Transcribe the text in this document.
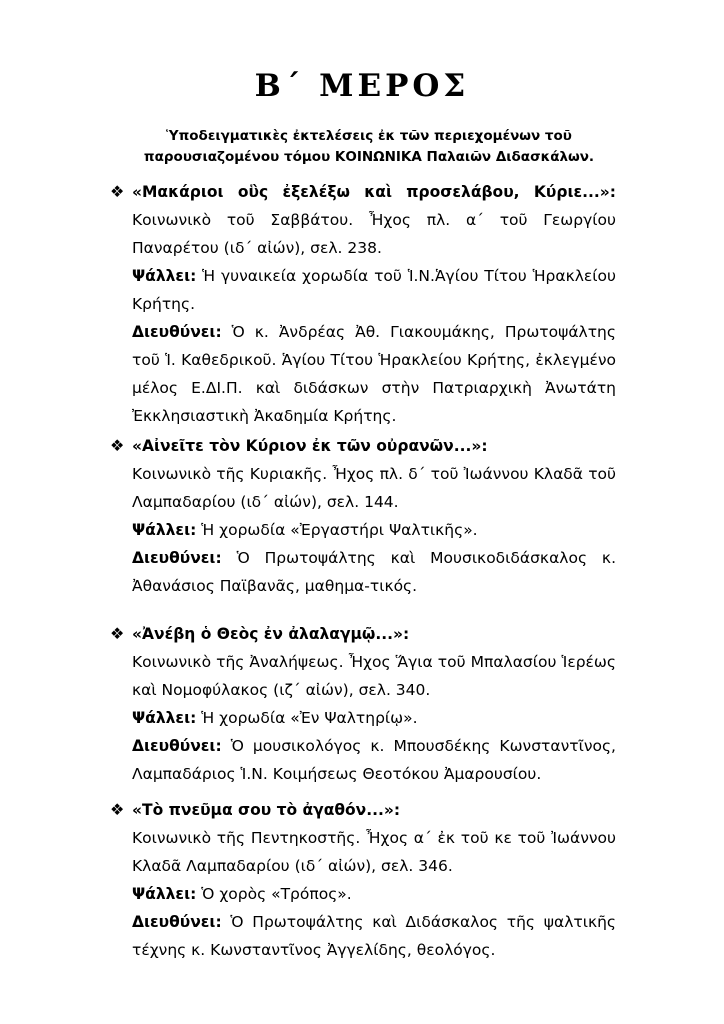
Β΄ ΜΕΡΟΣ
Ὑποδειγματικὲς ἐκτελέσεις ἐκ τῶν περιεχομένων τοῦ παρουσιαζομένου τόμου ΚΟΙΝΩΝΙΚΑ Παλαιῶν Διδασκάλων.
❖ «Μακάριοι οὓς ἐξελέξω καὶ προσελάβου, Κύριε...»: Κοινωνικὸ τοῦ Σαββάτου. Ἦχος πλ. α΄ τοῦ Γεωργίου Παναρέτου (ιδ΄ αἰών), σελ. 238.

Ψάλλει: Ἡ γυναικεία χορωδία τοῦ Ἱ.Ν.Ἁγίου Τίτου Ἡρακλείου Κρήτης.

Διευθύνει: Ὁ κ. Ἀνδρέας Ἀθ. Γιακουμάκης, Πρωτοψάλτης τοῦ Ἱ. Καθεδρικοῦ. Ἁγίου Τίτου Ἡρακλείου Κρήτης, ἐκλεγμένο μέλος Ε.ΔΙ.Π. καὶ διδάσκων στὴν Πατριαρχικὴ Ἀνωτάτη Ἐκκλησιαστικὴ Ἀκαδημία Κρήτης.

❖ «Αἰνεῖτε τὸν Κύριον ἐκ τῶν οὐρανῶν...»:

Κοινωνικὸ τῆς Κυριακῆς. Ἦχος πλ. δ΄ τοῦ Ἰωάννου Κλαδᾶ τοῦ Λαμπαδαρίου (ιδ΄ αἰών), σελ. 144.

Ψάλλει: Ἡ χορωδία «Ἐργαστήρι Ψαλτικῆς».

Διευθύνει: Ὁ Πρωτοψάλτης καὶ Μουσικοδιδάσκαλος κ. Ἀθανάσιος Παϊβανᾶς, μαθημα-τικός.

❖ «Ἀνέβη ὁ Θεὸς ἐν ἀλαλαγμῷ...»:

Κοινωνικὸ τῆς Ἀναλήψεως. Ἦχος Ἅγια τοῦ Μπαλασίου Ἱερέως καὶ Νομοφύλακος (ιζ΄ αἰών), σελ. 340.

Ψάλλει: Ἡ χορωδία «Ἐν Ψαλτηρίῳ».

Διευθύνει: Ὁ μουσικολόγος κ. Μπουσδέκης Κωνσταντῖνος, Λαμπαδάριος Ἱ.Ν. Κοιμήσεως Θεοτόκου Ἀμαρουσίου.

❖ «Τὸ πνεῦμα σου τὸ ἀγαθόν...»:

Κοινωνικὸ τῆς Πεντηκοστῆς. Ἦχος α΄ ἐκ τοῦ κε τοῦ Ἰωάννου Κλαδᾶ Λαμπαδαρίου (ιδ΄ αἰών), σελ. 346.

Ψάλλει: Ὁ χορὸς «Τρόπος».

Διευθύνει: Ὁ Πρωτοψάλτης καὶ Διδάσκαλος τῆς ψαλτικῆς τέχνης κ. Κωνσταντῖνος Ἀγγελίδης, θεολόγος.
